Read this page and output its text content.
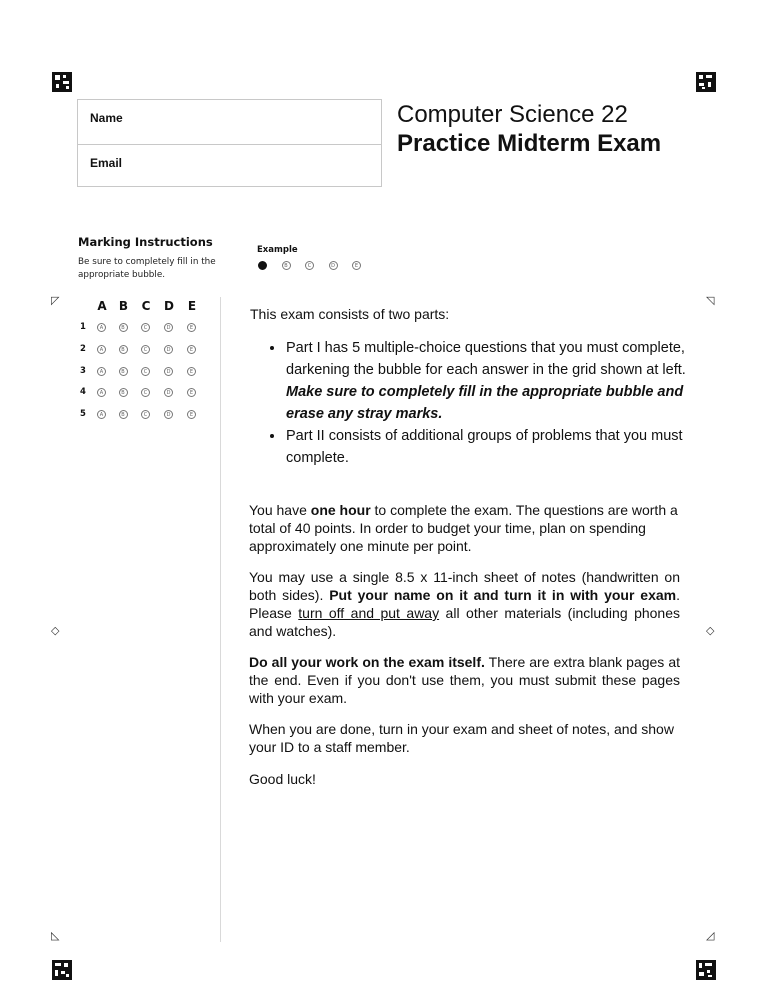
◸	◹
◇	◇
◺	◿
Name
Email
Computer Science 22
Practice Midterm Exam
Marking Instructions
Be sure to completely fill in the appropriate bubble.
Example
B	C	D	E
A B C D E
1	A	B	C	D	E
2	A	B	C	D	E
3	A	B	C	D	E
4	A	B	C	D	E
5	A	B	C	D	E
This exam consists of two parts:
• Part I has 5 multiple-choice questions that you must complete, darkening the bubble for each answer in the grid shown at left. Make sure to completely fill in the appropriate bubble and erase any stray marks.
• Part II consists of additional groups of problems that you must complete.
You have one hour to complete the exam. The questions are worth a total of 40 points. In order to budget your time, plan on spending approximately one minute per point.
You may use a single 8.5 x 11-inch sheet of notes (handwritten on both sides). Put your name on it and turn it in with your exam. Please turn off and put away all other materials (including phones and watches).
Do all your work on the exam itself. There are extra blank pages at the end. Even if you don't use them, you must submit these pages with your exam.
When you are done, turn in your exam and sheet of notes, and show your ID to a staff member.
Good luck!
